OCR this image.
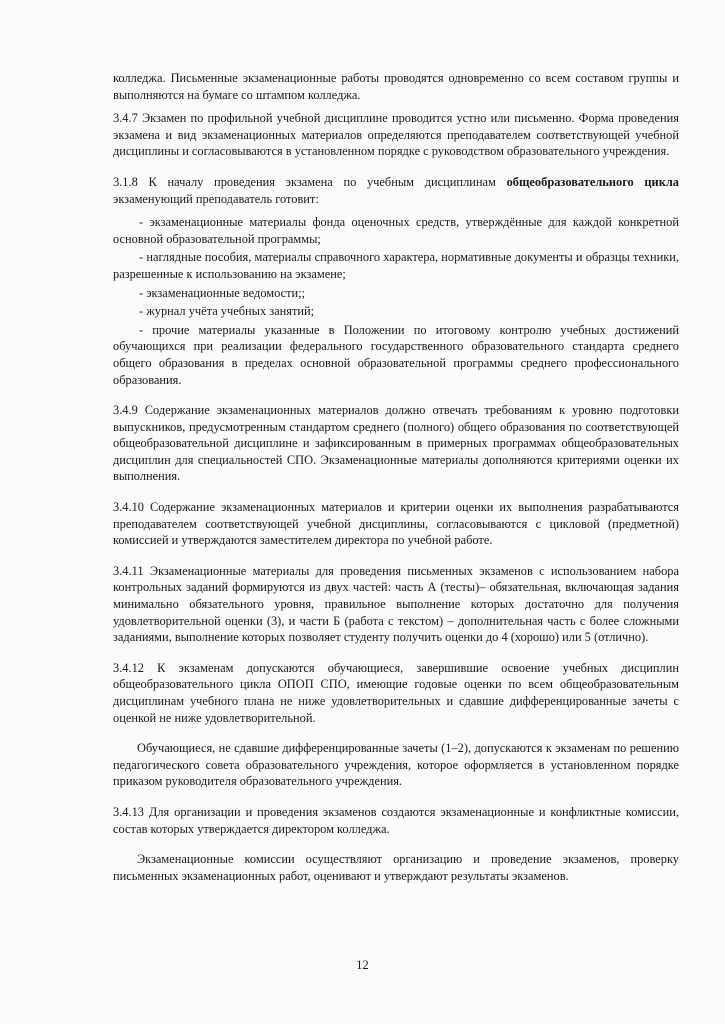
колледжа. Письменные экзаменационные работы проводятся одновременно со всем составом группы и выполняются на бумаге со штампом колледжа.

3.4.7 Экзамен по профильной учебной дисциплине проводится устно или письменно. Форма проведения экзамена и вид экзаменационных материалов определяются преподавателем соответствующей учебной дисциплины и согласовываются в установленном порядке с руководством образовательного учреждения.

3.1.8 К началу проведения экзамена по учебным дисциплинам общеобразовательного цикла экзаменующий преподаватель готовит:

- экзаменационные материалы фонда оценочных средств, утверждённые для каждой конкретной основной образовательной программы;

- наглядные пособия, материалы справочного характера, нормативные документы и образцы техники, разрешенные к использованию на экзамене;

- экзаменационные ведомости;;

- журнал учёта учебных занятий;

- прочие материалы указанные в Положении по итоговому контролю учебных достижений обучающихся при реализации федерального государственного образовательного стандарта среднего общего образования в пределах основной образовательной программы среднего профессионального образования.

3.4.9 Содержание экзаменационных материалов должно отвечать требованиям к уровню подготовки выпускников, предусмотренным стандартом среднего (полного) общего образования по соответствующей общеобразовательной дисциплине и зафиксированным в примерных программах общеобразовательных дисциплин для специальностей СПО. Экзаменационные материалы дополняются критериями оценки их выполнения.

3.4.10 Содержание экзаменационных материалов и критерии оценки их выполнения разрабатываются преподавателем соответствующей учебной дисциплины, согласовываются с цикловой (предметной) комиссией и утверждаются заместителем директора по учебной работе.

3.4.11 Экзаменационные материалы для проведения письменных экзаменов с использованием набора контрольных заданий формируются из двух частей: часть А (тесты)– обязательная, включающая задания минимально обязательного уровня, правильное выполнение которых достаточно для получения удовлетворительной оценки (3), и части Б (работа с текстом) – дополнительная часть с более сложными заданиями, выполнение которых позволяет студенту получить оценки до 4 (хорошо) или 5 (отлично).

3.4.12 К экзаменам допускаются обучающиеся, завершившие освоение учебных дисциплин общеобразовательного цикла ОПОП СПО, имеющие годовые оценки по всем общеобразовательным дисциплинам учебного плана не ниже удовлетворительных и сдавшие дифференцированные зачеты с оценкой не ниже удовлетворительной.

Обучающиеся, не сдавшие дифференцированные зачеты (1–2), допускаются к экзаменам по решению педагогического совета образовательного учреждения, которое оформляется в установленном порядке приказом руководителя образовательного учреждения.

3.4.13 Для организации и проведения экзаменов создаются экзаменационные и конфликтные комиссии, состав которых утверждается директором колледжа.

Экзаменационные комиссии осуществляют организацию и проведение экзаменов, проверку письменных экзаменационных работ, оценивают и утверждают результаты экзаменов.

12
